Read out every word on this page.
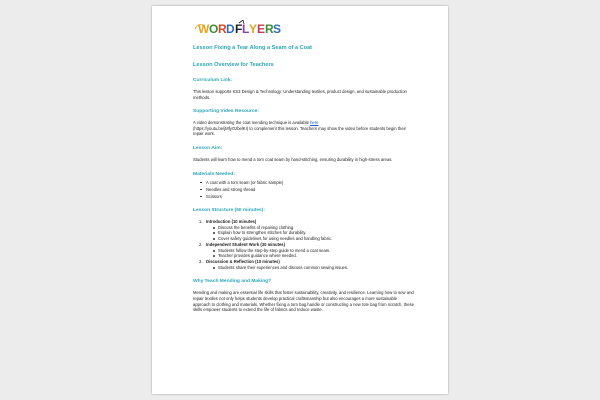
W O R D F L Y E R S
Lesson Fixing a Tear Along a Seam of a Coat
Lesson Overview for Teachers
Curriculum Link:

This lesson supports KS3 Design & Technology: Understanding textiles, product design, and sustainable production methods.

Supporting Video Resource:

A video demonstrating the coat mending technique is available here
(https://youtu.be/jMfyOzbelKI) to complement this lesson. Teachers may show the video before students begin their repair work.

Lesson Aim:

Students will learn how to mend a torn coat seam by hand-stitching, ensuring durability in high-stress areas.

Materials Needed:
A coat with a torn seam (or fabric sample)
Needles and strong thread
Scissors
Lesson Structure (50 minutes):
1. Introduction (10 minutes)
Discuss the benefits of repairing clothing.
Explain how to strengthen stitches for durability.
Cover safety guidelines for using needles and handling fabric.
2. Independent Student Work (30 minutes)
Students follow the step-by-step guide to mend a coat seam.
Teacher provides guidance where needed.
3. Discussion & Reflection (10 minutes)
Students share their experiences and discuss common sewing issues.
Why Teach Mending and Making?

Mending and making are essential life skills that foster sustainability, creativity, and resilience. Learning how to sew and repair textiles not only helps students develop practical craftsmanship but also encourages a more sustainable approach to clothing and materials. Whether fixing a torn bag handle or constructing a new tote bag from scratch, these skills empower students to extend the life of fabrics and reduce waste.
